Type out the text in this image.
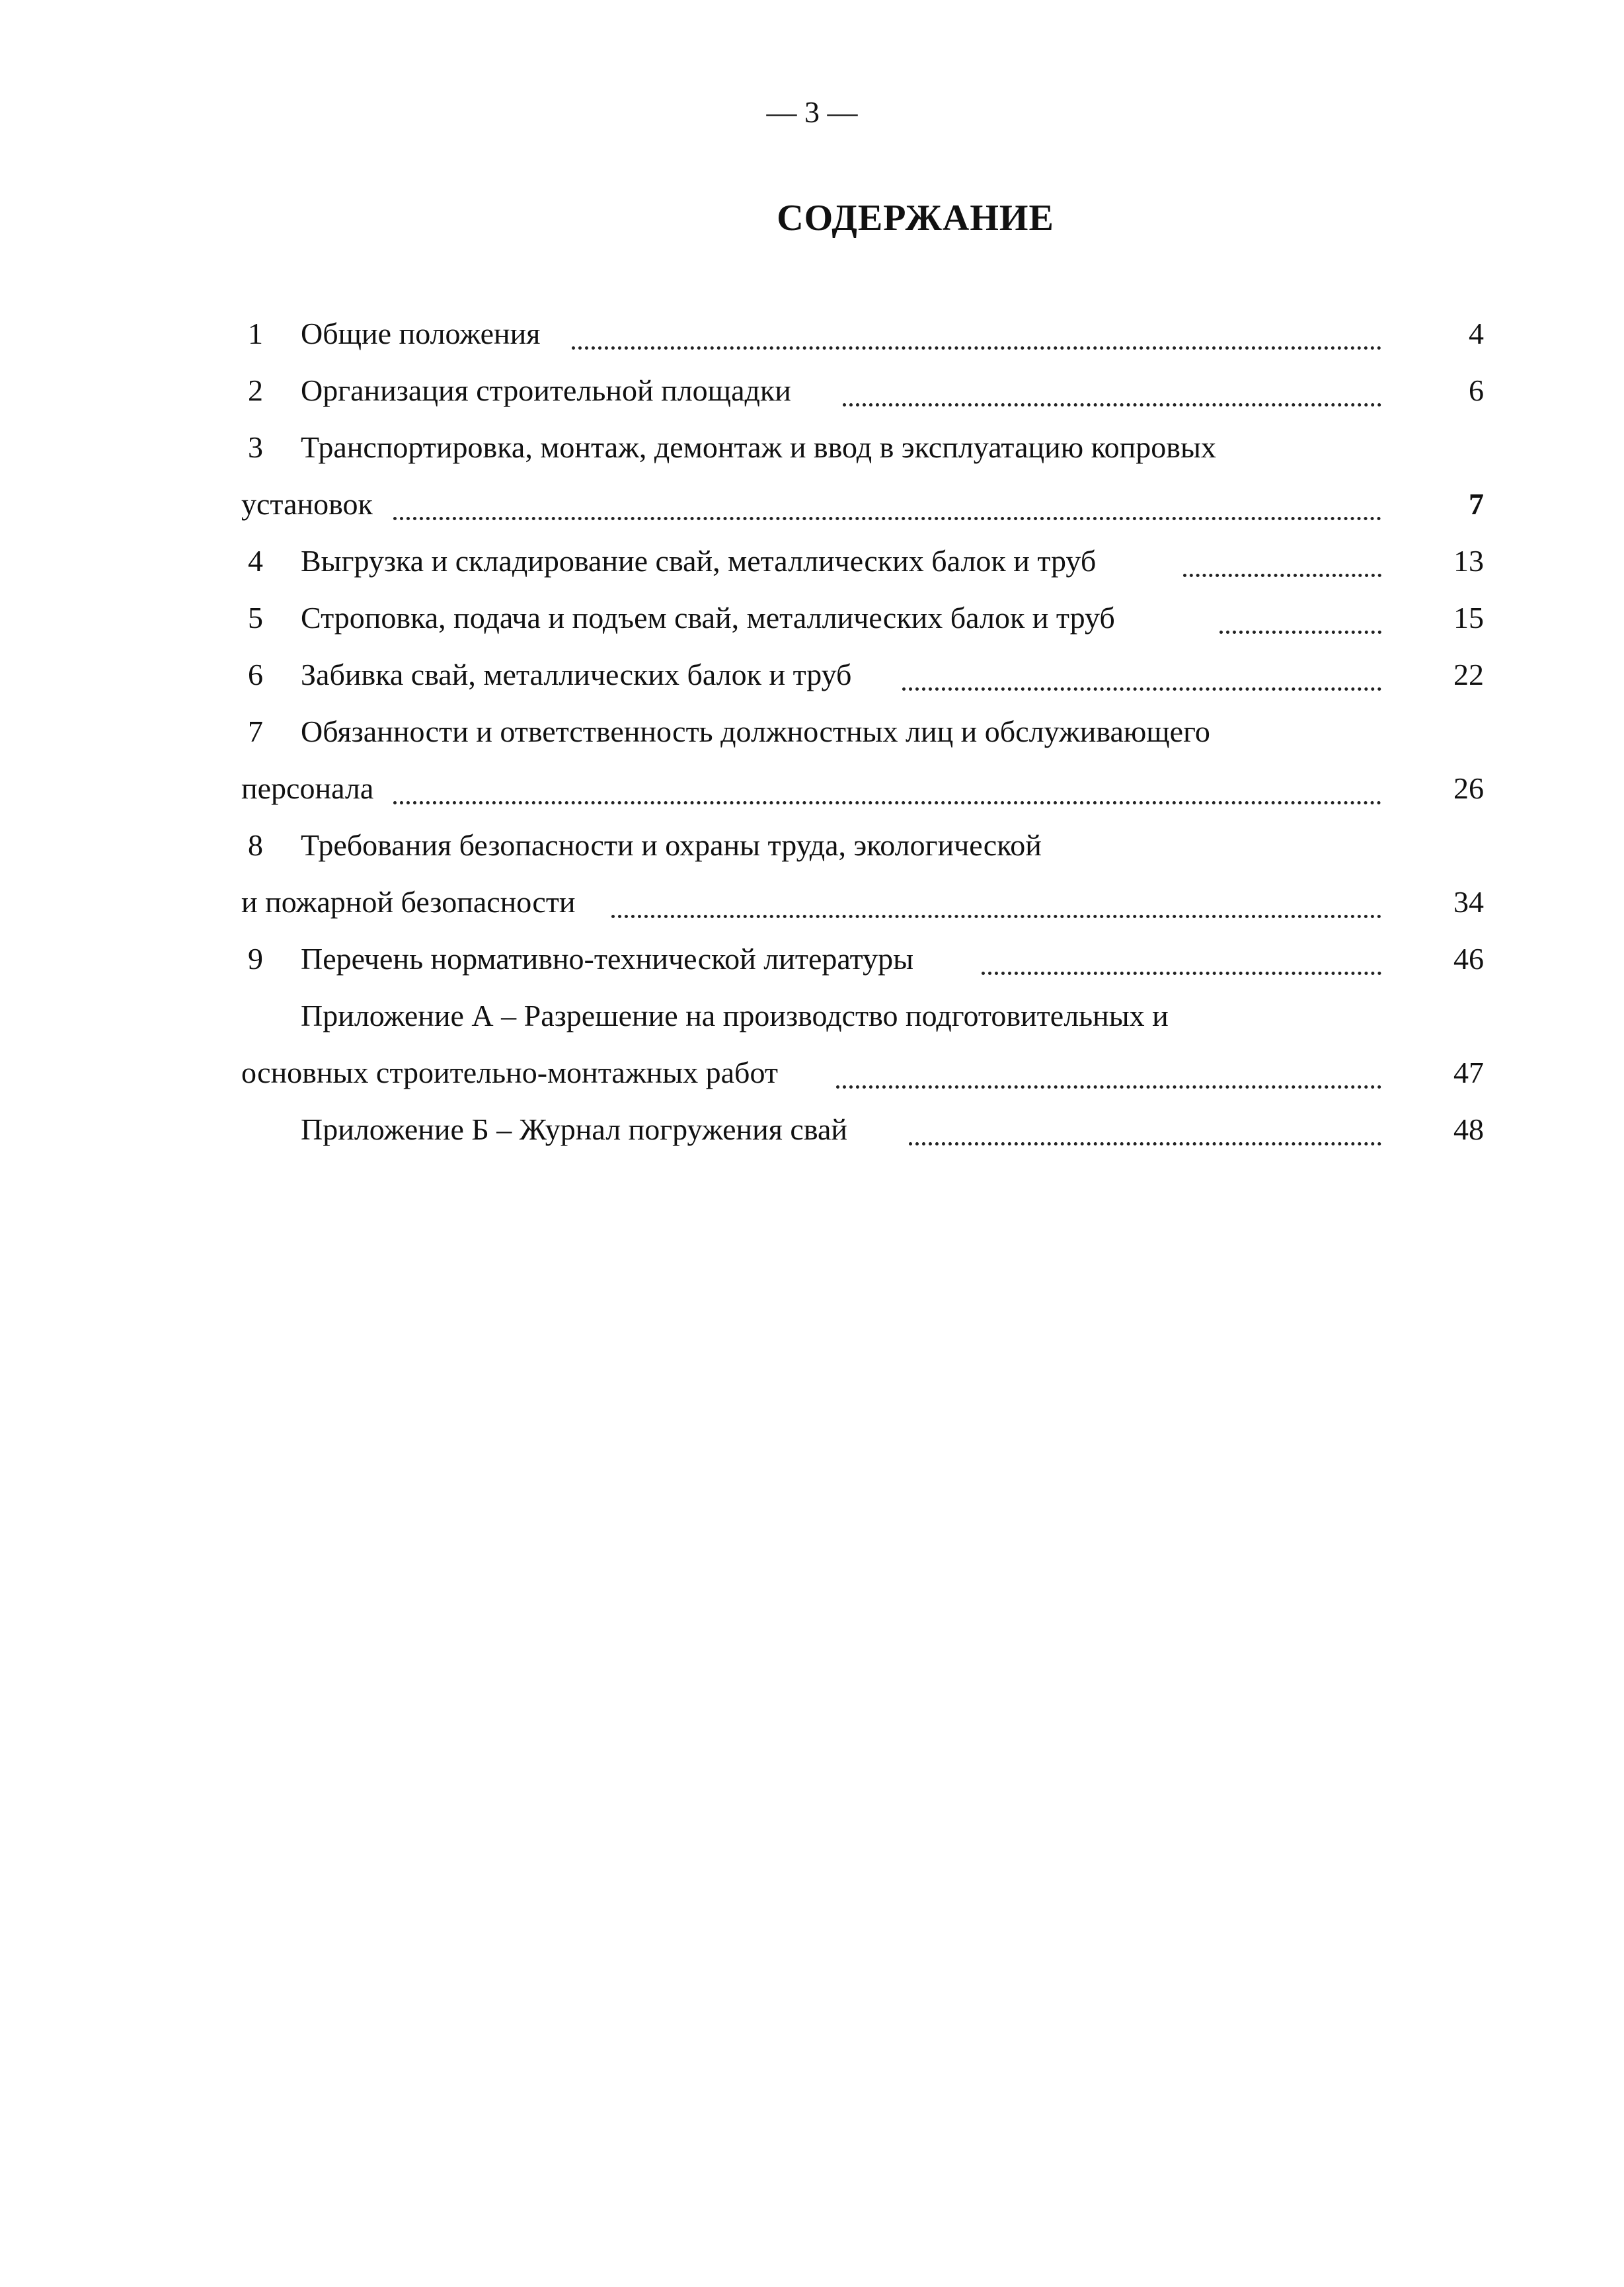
— 3 —
СОДЕРЖАНИЕ
1 Общие положения	4
2 Организация строительной площадки	6
3 Транспортировка, монтаж, демонтаж и ввод в эксплуатацию копровых
установок	7
4 Выгрузка и складирование свай, металлических балок и труб	13
5 Строповка, подача и подъем свай, металлических балок и труб	15
6 Забивка свай, металлических балок и труб	22
7 Обязанности и ответственность должностных лиц и обслуживающего
персонала	26
8 Требования безопасности и охраны труда, экологической
и пожарной безопасности	34
9 Перечень нормативно-технической литературы	46
Приложение А – Разрешение на производство подготовительных и
основных строительно-монтажных работ	47
Приложение Б – Журнал погружения свай	48
